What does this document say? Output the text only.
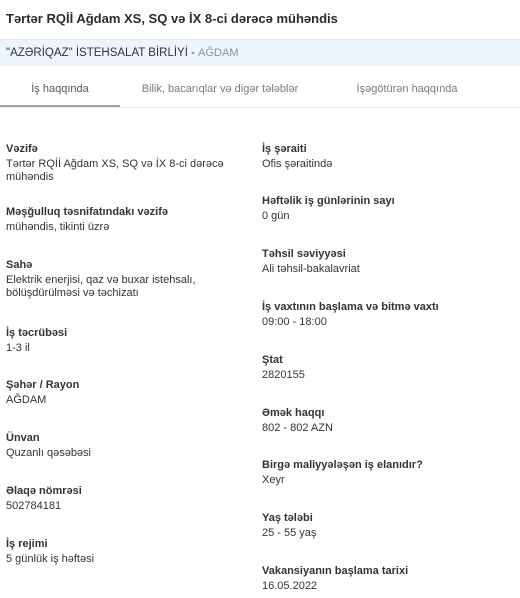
Tərtər RQİİ Ağdam XS, SQ və İX 8-ci dərəcə mühəndis
"AZƏRİQAZ" İSTEHSALAT BİRLİYİ - AĞDAM
İş haqqında	Bilik, bacarıqlar və digər tələblər	İşəgötürən haqqında
Vəzifə
Tərtər RQİİ Ağdam XS, SQ və İX 8-ci dərəcə mühəndis
Məşğulluq təsnifatındakı vəzifə
mühəndis, tikinti üzrə
Sahə
Elektrik enerjisi, qaz və buxar istehsalı, bölüşdürülməsi və təchizatı
İş təcrübəsi
1-3 il
Şəhər / Rayon
AĞDAM
Ünvan
Quzanlı qəsəbəsi
Əlaqə nömrəsi
502784181
İş rejimi
5 günlük iş həftəsi
İş şəraiti
Ofis şəraitində
Həftəlik iş günlərinin sayı
0 gün
Təhsil səviyyəsi
Ali təhsil-bakalavriat
İş vaxtının başlama və bitmə vaxtı
09:00 - 18:00
Ştat
2820155
Əmək haqqı
802 - 802 AZN
Birgə maliyyələşən iş elanıdır?
Xeyr
Yaş tələbi
25 - 55 yaş
Vakansiyanın başlama tarixi
16.05.2022
